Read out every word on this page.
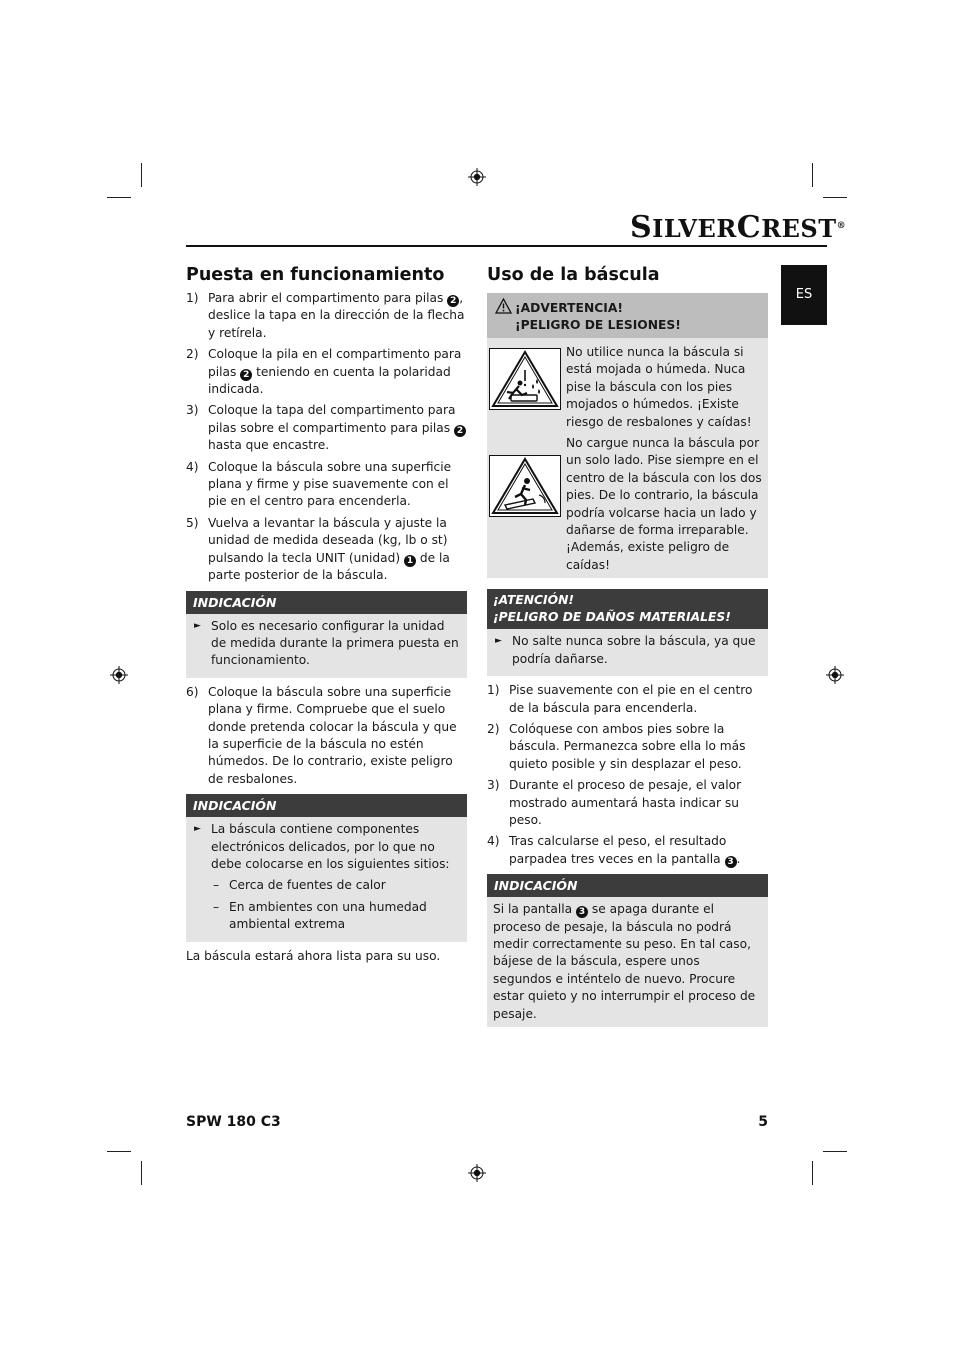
SILVERCREST®
ES
Puesta en funcionamiento
1) Para abrir el compartimento para pilas 2 , deslice la tapa en la dirección de la flecha y retírela.
2) Coloque la pila en el compartimento para pilas 2 teniendo en cuenta la polaridad indicada.
3) Coloque la tapa del compartimento para pilas sobre el compartimento para pilas 2 hasta que encastre.
4) Coloque la báscula sobre una superficie plana y firme y pise suavemente con el pie en el centro para encenderla.
5) Vuelva a levantar la báscula y ajuste la unidad de medida deseada (kg, lb o st) pulsando la tecla UNIT (unidad) 1 de la parte posterior de la báscula.
INDICACIÓN
► Solo es necesario configurar la unidad de medida durante la primera puesta en funcionamiento.
6) Coloque la báscula sobre una superficie plana y firme. Compruebe que el suelo donde pretenda colocar la báscula y que la superficie de la báscula no estén húmedos. De lo contrario, existe peligro de resbalones.
INDICACIÓN
► La báscula contiene componentes electrónicos delicados, por lo que no debe colocarse en los siguientes sitios:
– Cerca de fuentes de calor
– En ambientes con una humedad ambiental extrema

La báscula estará ahora lista para su uso.

Uso de la báscula
¡ADVERTENCIA!
¡PELIGRO DE LESIONES!
No utilice nunca la báscula si está mojada o húmeda. Nuca pise la báscula con los pies mojados o húmedos. ¡Existe riesgo de resbalones y caídas!
No cargue nunca la báscula por un solo lado. Pise siempre en el centro de la báscula con los dos pies. De lo contrario, la báscula podría volcarse hacia un lado y dañarse de forma irreparable. ¡Además, existe peligro de caídas!
¡ATENCIÓN!
¡PELIGRO DE DAÑOS MATERIALES!
► No salte nunca sobre la báscula, ya que podría dañarse.
1) Pise suavemente con el pie en el centro de la báscula para encenderla.
2) Colóquese con ambos pies sobre la báscula. Permanezca sobre ella lo más quieto posible y sin desplazar el peso.
3) Durante el proceso de pesaje, el valor mostrado aumentará hasta indicar su peso.
4) Tras calcularse el peso, el resultado parpadea tres veces en la pantalla 3 .
INDICACIÓN
Si la pantalla 3 se apaga durante el proceso de pesaje, la báscula no podrá medir correctamente su peso. En tal caso, bájese de la báscula, espere unos segundos e inténtelo de nuevo. Procure estar quieto y no interrumpir el proceso de pesaje.
SPW 180 C3	5
